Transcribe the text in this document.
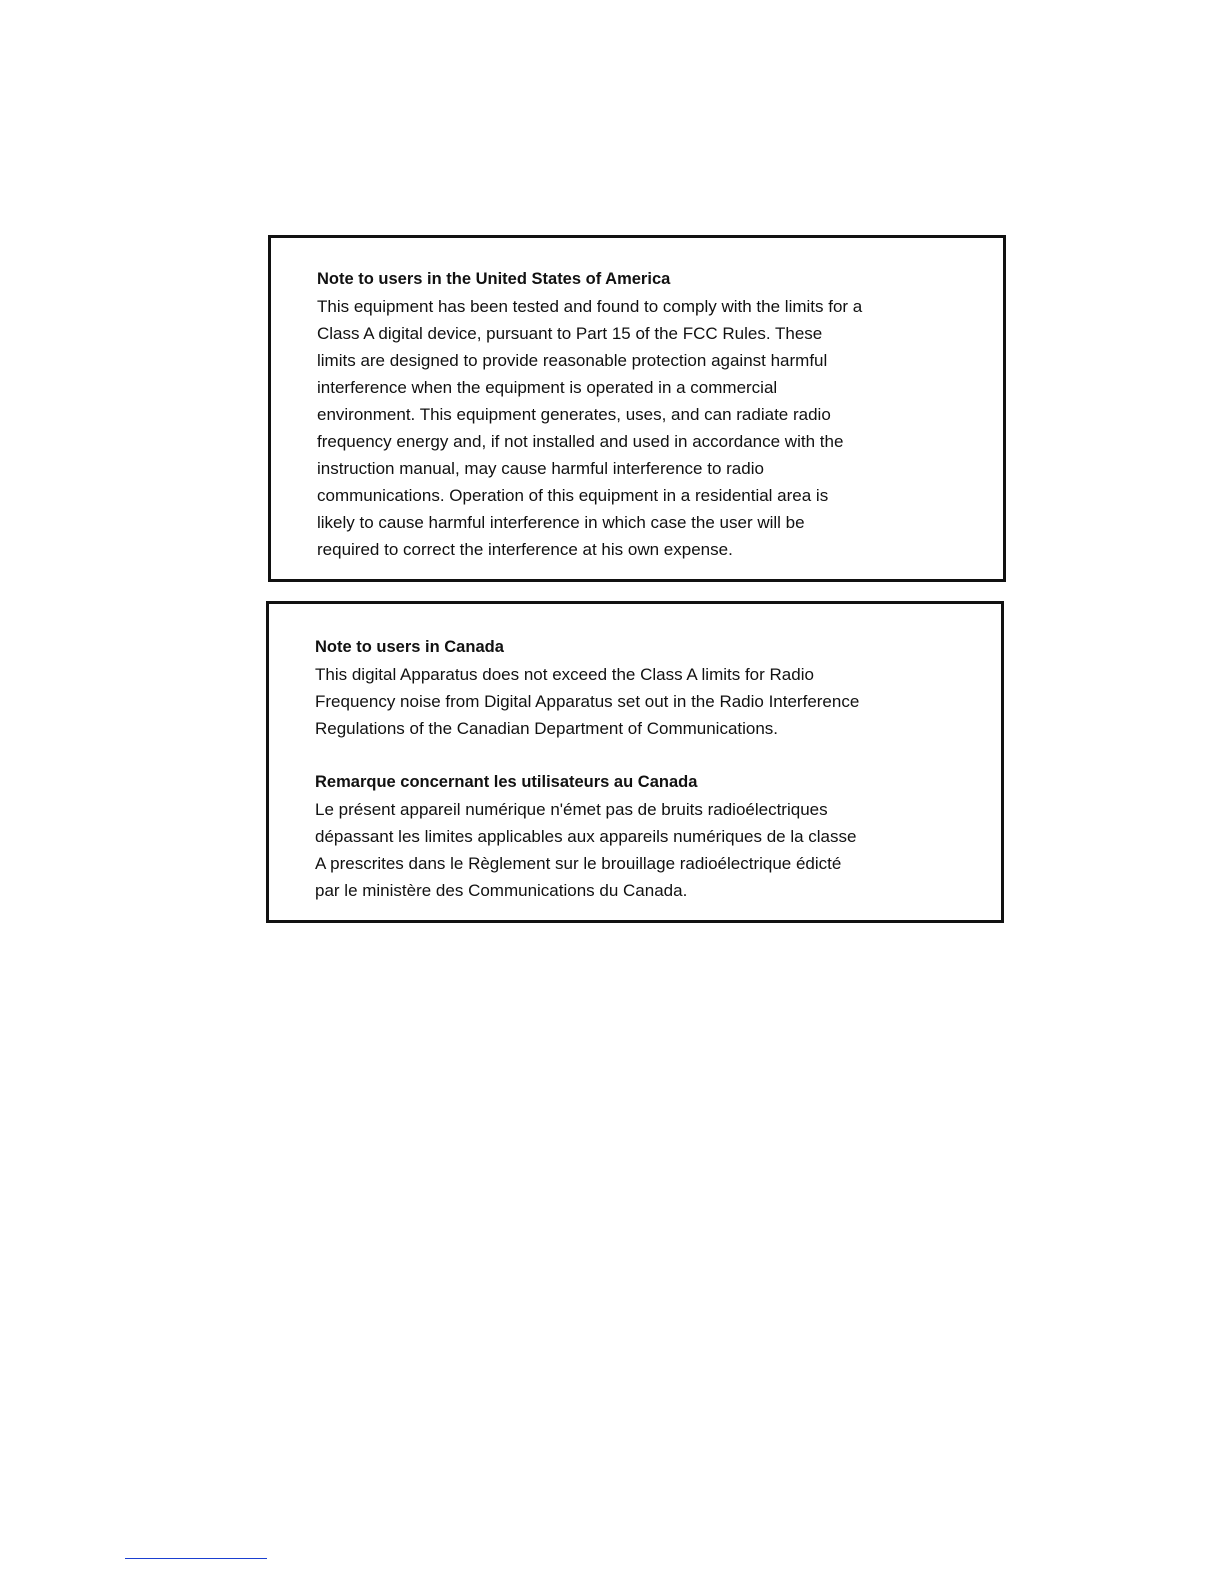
Note to users in the United States of America

This equipment has been tested and found to comply with the limits for a

Class A digital device, pursuant to Part 15 of the FCC Rules. These

limits are designed to provide reasonable protection against harmful

interference when the equipment is operated in a commercial

environment. This equipment generates, uses, and can radiate radio

frequency energy and, if not installed and used in accordance with the

instruction manual, may cause harmful interference to radio

communications. Operation of this equipment in a residential area is

likely to cause harmful interference in which case the user will be

required to correct the interference at his own expense.

Note to users in Canada

This digital Apparatus does not exceed the Class A limits for Radio

Frequency noise from Digital Apparatus set out in the Radio Interference

Regulations of the Canadian Department of Communications.

Remarque concernant les utilisateurs au Canada

Le présent appareil numérique n'émet pas de bruits radioélectriques

dépassant les limites applicables aux appareils numériques de la classe

A prescrites dans le Règlement sur le brouillage radioélectrique édicté

par le ministère des Communications du Canada.
